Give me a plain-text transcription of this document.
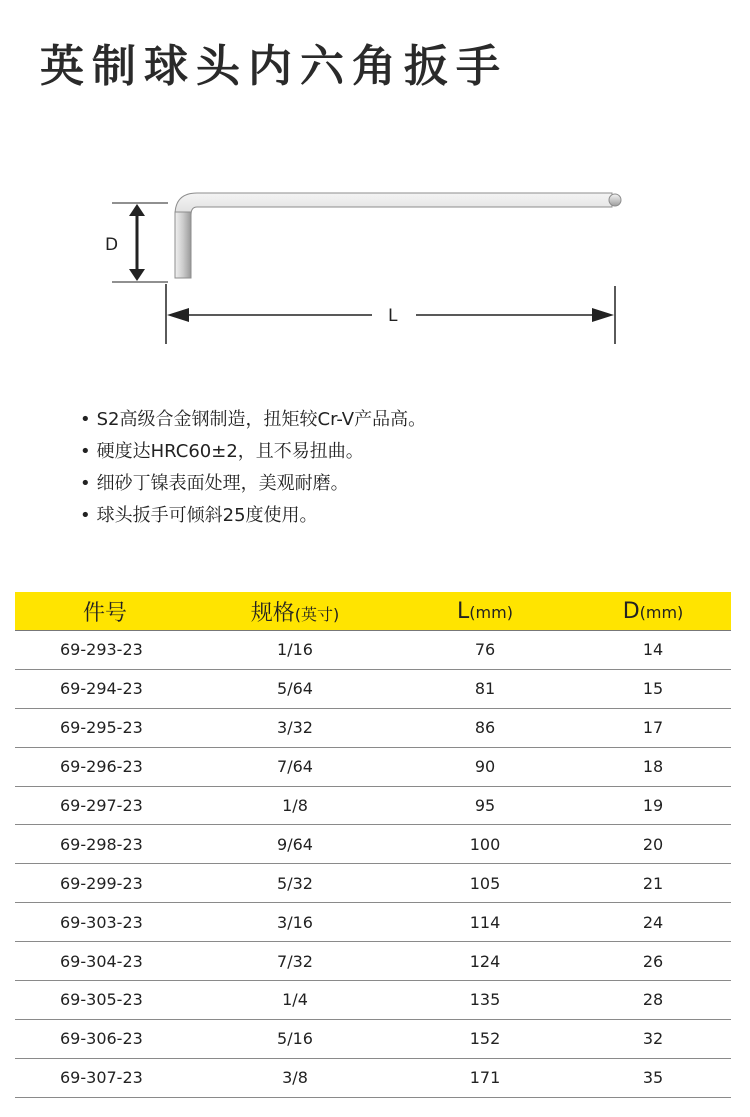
英制球头内六角扳手
D
L
• S2高级合金钢制造，扭矩较Cr-V产品高。
• 硬度达HRC60±2，且不易扭曲。
• 细砂丁镍表面处理，美观耐磨。
• 球头扳手可倾斜25度使用。
件号	规格(英寸)	L(mm)	D(mm)
69-293-23	1/16	76	14
69-294-23	5/64	81	15
69-295-23	3/32	86	17
69-296-23	7/64	90	18
69-297-23	1/8	95	19
69-298-23	9/64	100	20
69-299-23	5/32	105	21
69-303-23	3/16	114	24
69-304-23	7/32	124	26
69-305-23	1/4	135	28
69-306-23	5/16	152	32
69-307-23	3/8	171	35
